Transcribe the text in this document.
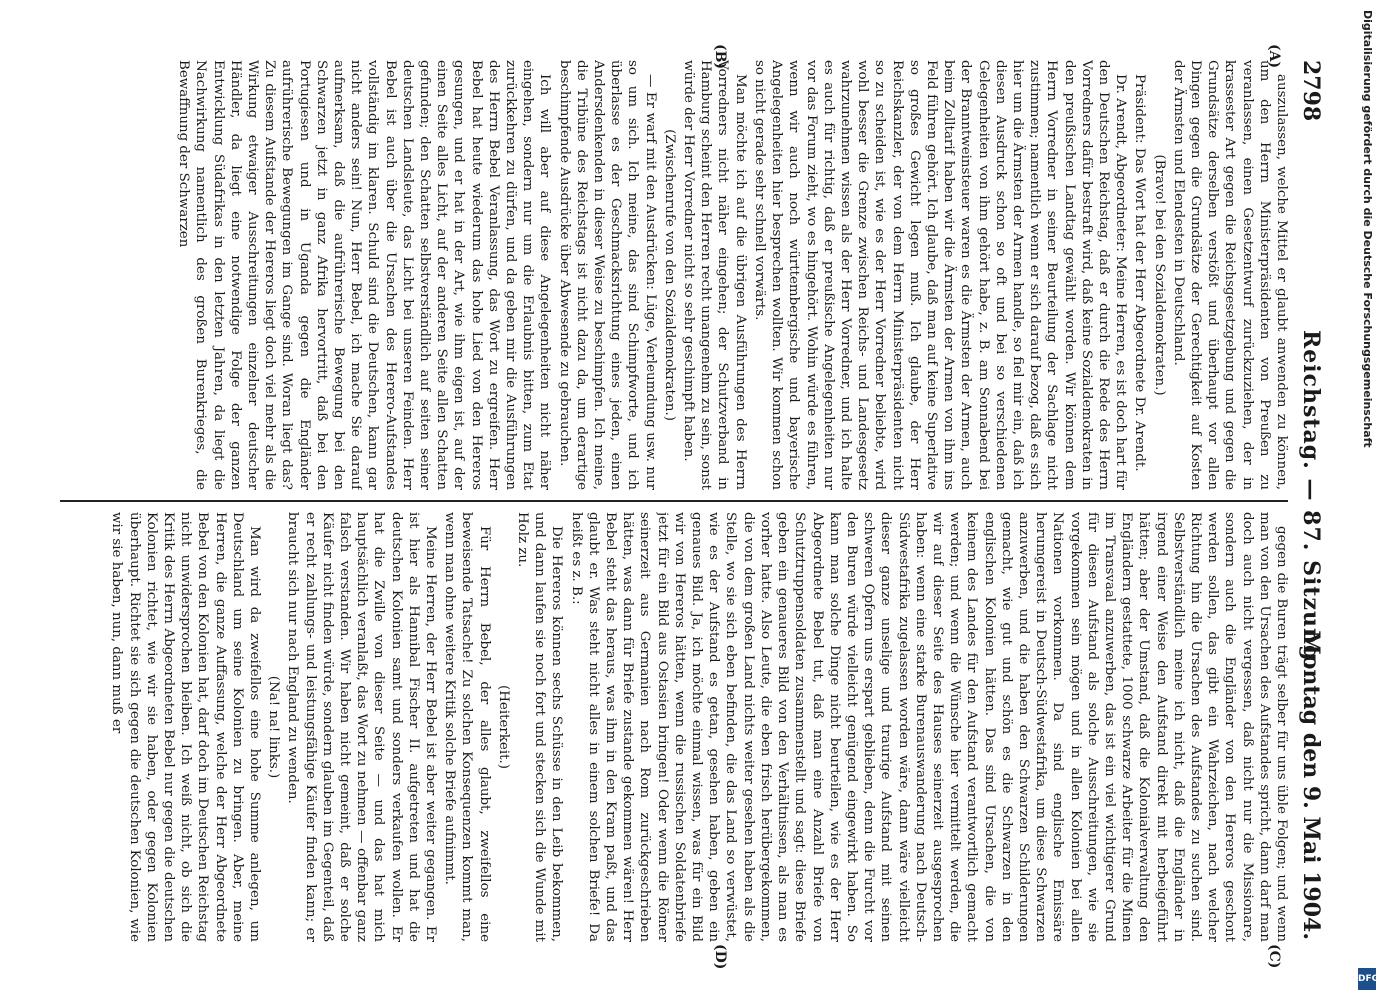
2798
Reichstag. — 87. Sitzung.
Montag den 9. Mai 1904.
(A)
(B)
(C)
(D)

auszulassen, welche Mittel er glaubt anwenden zu können, um den Herrn Ministerpräsidenten von Preußen zu veranlassen, einen Gesetzentwurf zurückzuziehen, der in krassester Art gegen die Reichsgesetzgebung und gegen die Grundsätze derselben verstößt und überhaupt vor allen Dingen gegen die Grundsätze der Gerechtigkeit auf Kosten der Ärmsten und Elendesten in Deutschland.

(Bravo! bei den Sozialdemokraten.)

Präsident: Das Wort hat der Herr Abgeordnete Dr. Arendt.

Dr. Arendt, Abgeordneter: Meine Herren, es ist doch hart für den Deutschen Reichstag, daß er durch die Rede des Herrn Vorredners dafür bestraft wird, daß keine Sozialdemokraten in den preußischen Landtag gewählt worden. Wir können dem Herrn Vorredner in seiner Beurteilung der Sachlage nicht zustimmen; namentlich wenn er sich darauf bezog, daß es sich hier um die Ärmsten der Armen handle, so fiel mir ein, daß ich diesen Ausdruck schon so oft und bei so verschiedenen Gelegenheiten von ihm gehört habe, z. B. am Sonnabend bei der Branntweinsteuer waren es die Ärmsten der Armen, auch beim Zolltarif haben wir die Ärmsten der Armen von ihm ins Feld führen gehört. Ich glaube, daß man auf keine Superlative so großes Gewicht legen muß. Ich glaube, der Herr Reichskanzler, der von dem Herrn Ministerpräsidenten nicht so zu scheiden ist, wie es der Herr Vorredner beliebte, wird wohl besser die Grenze zwischen Reichs- und Landesgesetz wahrzunehmen wissen als der Herr Vorredner, und ich halte es auch für richtig, daß er preußische Angelegenheiten nur vor das Forum zieht, wo es hingehört. Wohin würde es führen, wenn wir auch noch württembergische und bayerische Angelegenheiten hier besprechen wollten. Wir kommen schon so nicht gerade sehr schnell vorwärts.

Man möchte ich auf die übrigen Ausführungen des Herrn Vorredners nicht näher eingehen; der Schutzverband in Hamburg scheint den Herren recht unangenehm zu sein, sonst würde der Herr Vorredner nicht so sehr geschimpft haben.

(Zwischenrufe von den Sozialdemokraten.)

— Er warf mit den Ausdrücken: Lüge, Verleumdung usw. nur so um sich. Ich meine, das sind Schimpfworte, und ich überlasse es der Geschmacksrichtung eines jeden, einen Andersdenkenden in dieser Weise zu beschimpfen. Ich meine, die Tribüne des Reichstags ist nicht dazu da, um derartige beschimpfende Ausdrücke über Abwesende zu gebrauchen.

Ich will aber auf diese Angelegenheiten nicht näher eingehen, sondern nur um die Erlaubnis bitten, zum Etat zurückkehren zu dürfen, und da geben mir die Ausführungen des Herrn Bebel Veranlassung, das Wort zu ergreifen. Herr Bebel hat heute wiederum das hohe Lied von den Hereros gesungen, und er hat in der Art, wie ihm eigen ist, auf der einen Seite alles Licht, auf der anderen Seite allen Schatten gefunden; den Schatten selbstverständlich auf seiten seiner deutschen Landsleute, das Licht bei unseren Feinden. Herr Bebel ist auch über die Ursachen des Herero-Aufstandes vollständig im klaren. Schuld sind die Deutschen, kann gar nicht anders sein! Nun, Herr Bebel, ich mache Sie darauf aufmerksam, daß die aufrührerische Bewegung bei den Schwarzen jetzt in ganz Afrika hervortritt, daß bei den Portugiesen und in Uganda gegen die Engländer aufrührerische Bewegungen im Gange sind. Woran liegt das? Zu diesem Aufstande der Hereros liegt doch viel mehr als die Wirkung etwaiger Ausschreitungen einzelner deutscher Händler, da liegt eine notwendige Folge der ganzen Entwicklung Südafrikas in den letzten Jahren, da liegt die Nachwirkung namentlich des großen Burenkrieges, die Bewaffnung der Schwarzen

gegen die Buren trägt selber für uns üble Folgen; und wenn man von den Ursachen des Aufstandes spricht, dann darf man doch auch nicht vergessen, daß nicht nur die Missionare, sondern auch die Engländer von den Hereros geschont werden sollen, das gibt ein Wahrzeichen, nach welcher Richtung hin die Ursachen des Aufstandes zu suchen sind. Selbstverständlich meine ich nicht, daß die Engländer in irgend einer Weise den Aufstand direkt mit herbeigeführt hätten; aber der Umstand, daß die Kolonialverwaltung den Engländern gestattete, 1000 schwarze Arbeiter für die Minen im Transvaal anzuwerben, das ist ein viel wichtigerer Grund für diesen Aufstand als solche Ausschreitungen, wie sie vorgekommen sein mögen und in allen Kolonien bei allen Nationen vorkommen. Da sind englische Emissäre herumgereist in Deutsch-Südwestafrika, um diese Schwarzen anzuwerben, und die haben den Schwarzen Schilderungen gemacht, wie gut und schön es die Schwarzen in den englischen Kolonien hätten. Das sind Ursachen, die von keinem des Landes für den Aufstand verantwortlich gemacht werden; und wenn die Wünsche hier vermittelt werden, die wir auf dieser Seite des Hauses seinerzeit ausgesprochen haben: wenn eine starke Burenauswanderung nach Deutsch-Südwestafrika zugelassen worden wäre, dann wäre vielleicht dieser ganze unselige und traurige Aufstand mit seinen schweren Opfern uns erspart geblieben, denn die Furcht vor den Buren würde vielleicht genügend eingewirkt haben. So kann man solche Dinge nicht beurteilen, wie es der Herr Abgeordnete Bebel tut, daß man eine Anzahl Briefe von Schutztruppensoldaten zusammenstellt und sagt: diese Briefe geben ein genaueres Bild von den Verhältnissen, als man es vorher hatte. Also Leute, die eben frisch herübergekommen, die von dem großen Land nichts weiter gesehen haben als die Stelle, wo sie sich eben befinden, die das Land so verwüstet, wie es der Aufstand es getan, gesehen haben, geben ein genaues Bild. Ja, ich möchte einmal wissen, was für ein Bild wir von Hereros hätten, wenn die russischen Soldatenbriefe jetzt für ein Bild aus Ostasien bringen! Oder wenn die Römer seinerzeit aus Germanien nach Rom zurückgeschrieben hätten, was dann für Briefe zustande gekommen wären! Herr Bebel steht das heraus, was ihm in den Kram paßt, und das glaubt er. Was steht nicht alles in einem solchen Briefe! Da heißt es z. B.:

Die Hereros können sechs Schüsse in den Leib bekommen, und dann laufen sie noch fort und stecken sich die Wunde mit Holz zu.

(Heiterkeit.)

Für Herrn Bebel, der alles glaubt, zweifellos eine beweisende Tatsache! Zu solchen Konsequenzen kommt man, wenn man ohne weitere Kritik solche Briefe aufnimmt.

Meine Herren, der Herr Bebel ist aber weiter gegangen. Er ist hier als Hannibal Fischer II. aufgetreten und hat die deutschen Kolonien samt und sonders verkaufen wollen. Er hat die Zwille von dieser Seite — und das hat mich hauptsächlich veranlaßt, das Wort zu nehmen — offenbar ganz falsch verstanden. Wir haben nicht gemeint, daß er solche Käufer nicht finden würde, sondern glauben im Gegenteil, daß er recht zahlungs- und leistungsfähige Käufer finden kann; er braucht sich nur nach England zu wenden.

(Na! na! links.)

Man wird da zweifellos eine hohe Summe anlegen, um Deutschland um seine Kolonien zu bringen. Aber, meine Herren, die ganze Auffassung, welche der Herr Abgeordnete Bebel von den Kolonien hat, darf doch im Deutschen Reichstag nicht unwidersprochen bleiben. Ich weiß nicht, ob sich die Kritik des Herrn Abgeordneten Bebel nur gegen die deutschen Kolonien richtet, wie wir sie haben, oder gegen Kolonien überhaupt. Richtet sie sich gegen die deutschen Kolonien, wie wir sie haben, nun, dann muß er

Digitalisierung gefördert durch die Deutsche Forschungsgemeinschaft
DFG
